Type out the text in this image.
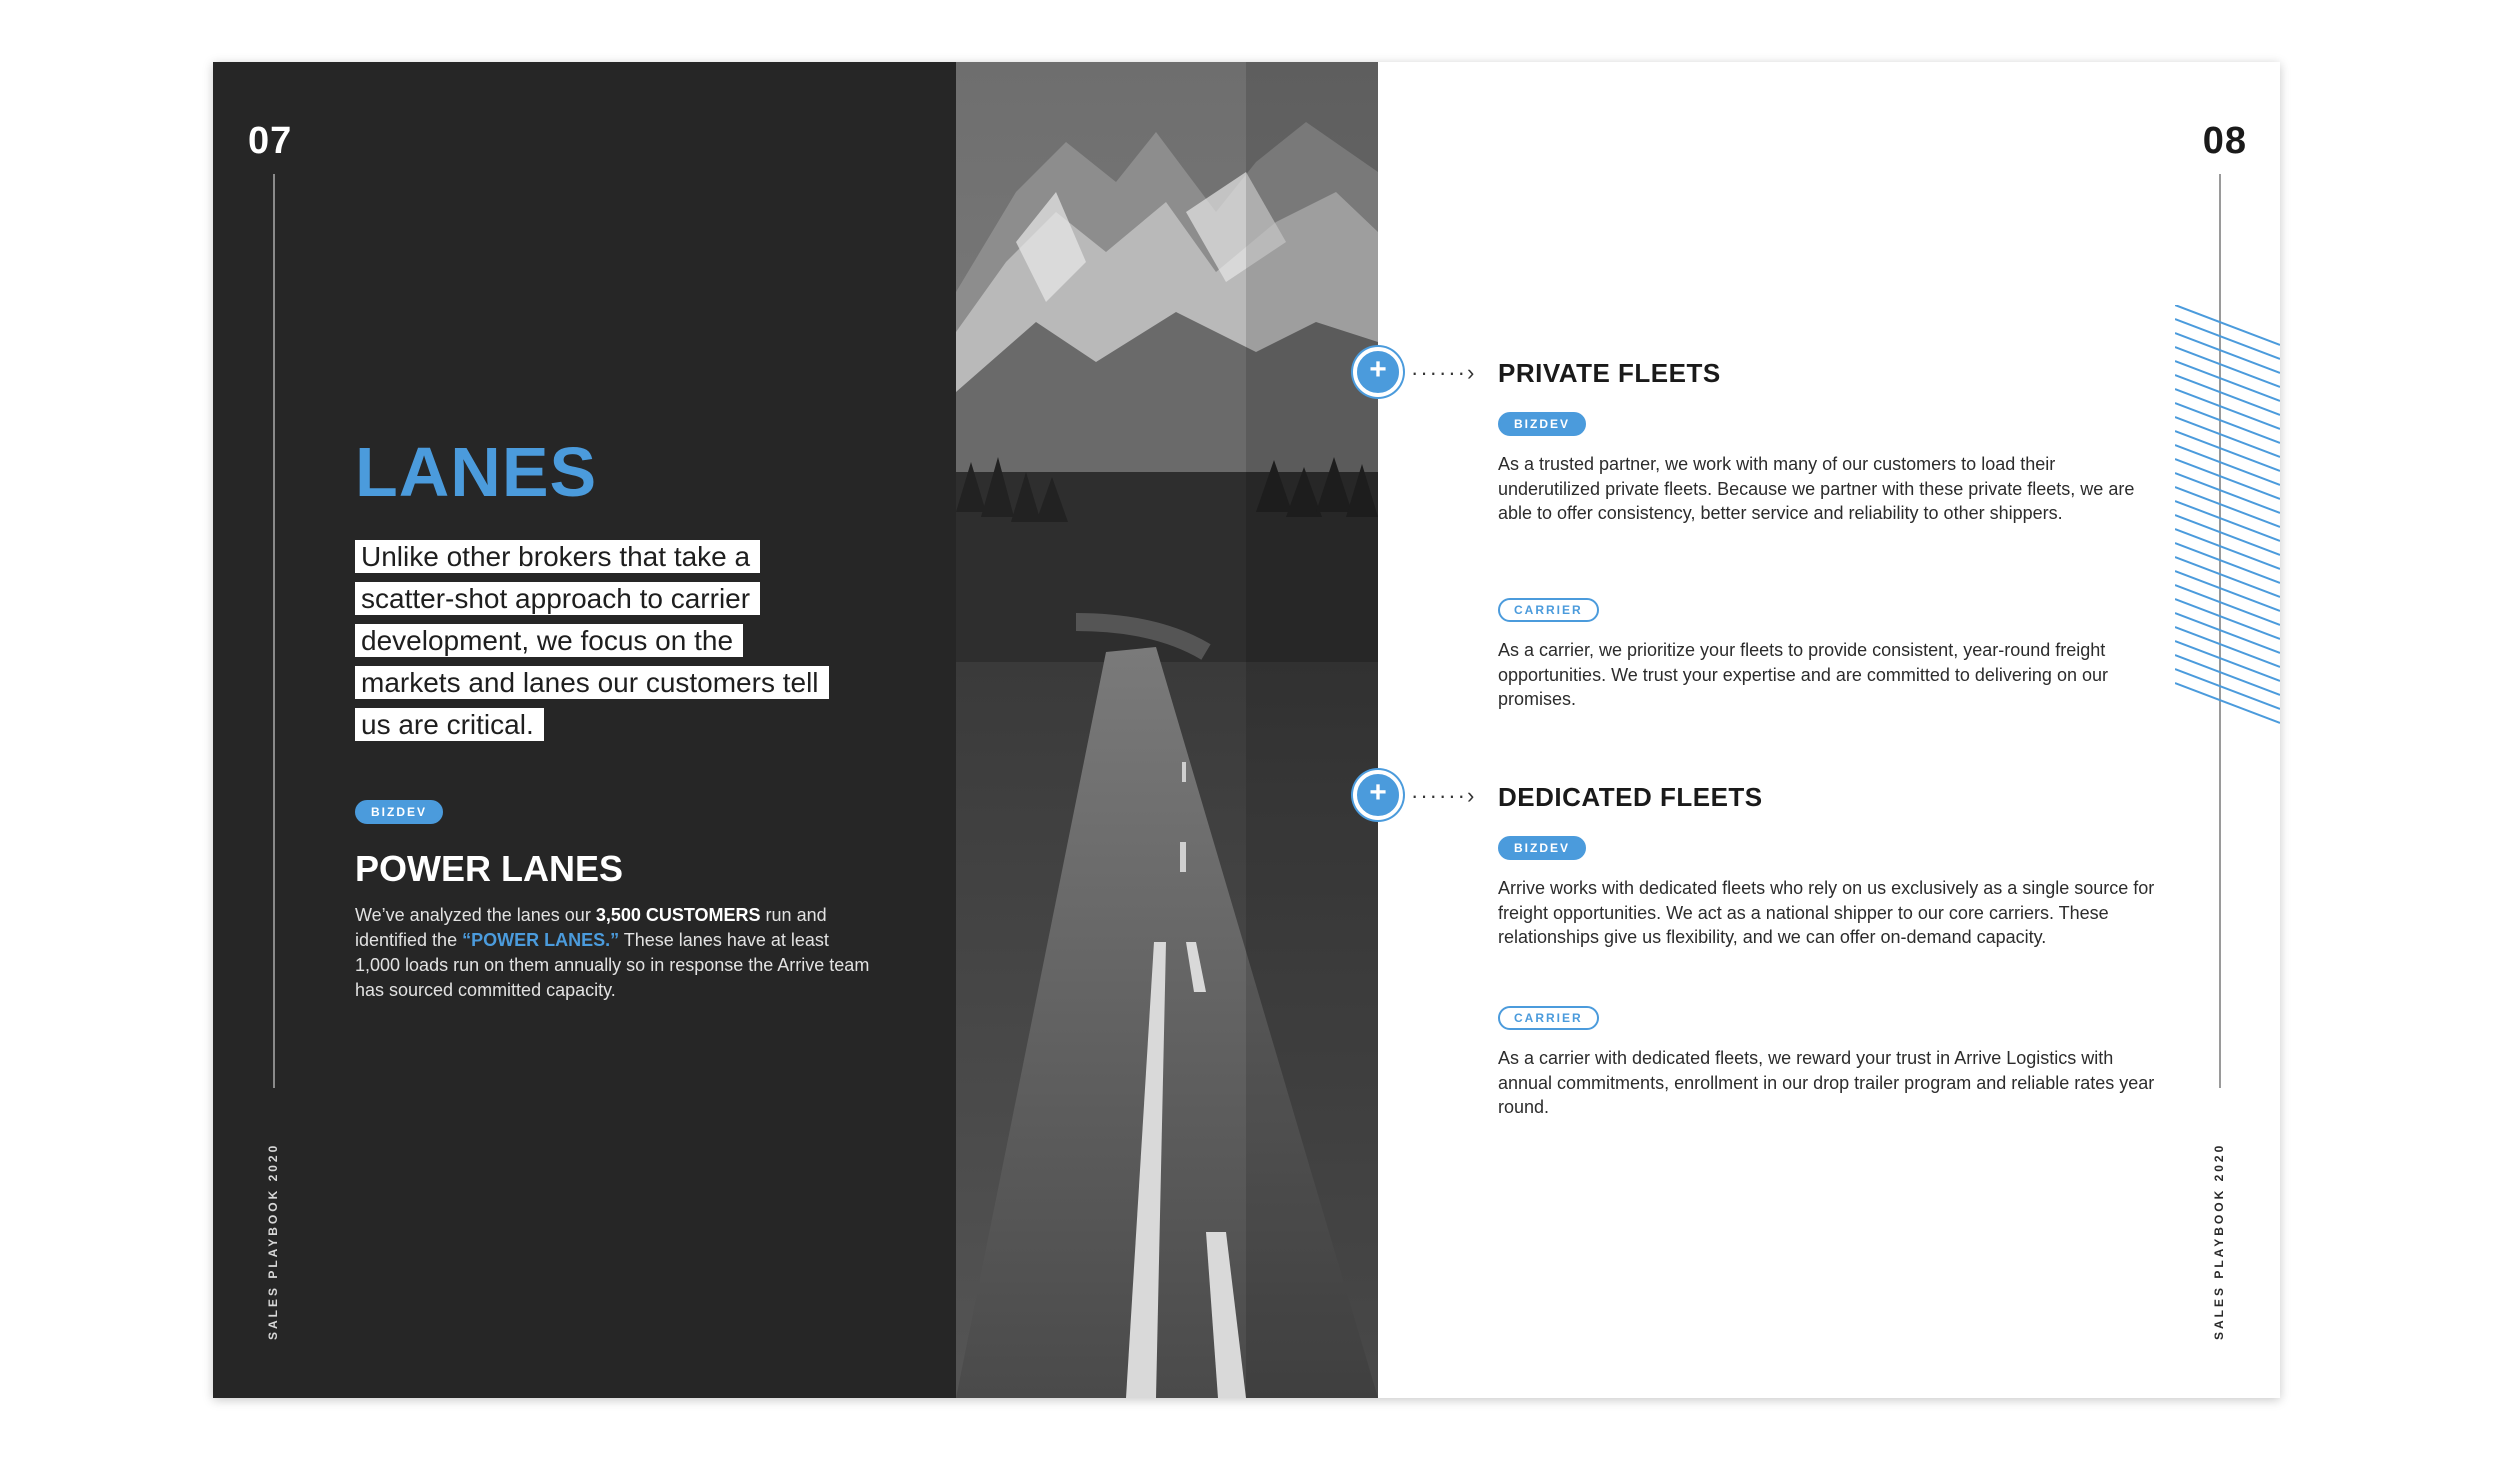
07
SALES PLAYBOOK 2020
LANES
Unlike other brokers that take a
scatter-shot approach to carrier
development, we focus on the
markets and lanes our customers tell
us are critical.
BIZDEV
POWER LANES
We’ve analyzed the lanes our 3,500 CUSTOMERS run and identified the “POWER LANES.” These lanes have at least 1,000 loads run on them annually so in response the Arrive team has sourced committed capacity.
08
SALES PLAYBOOK 2020
+	······› PRIVATE FLEETS
BIZDEV

As a trusted partner, we work with many of our customers to load their underutilized private fleets. Because we partner with these private fleets, we are able to offer consistency, better service and reliability to other shippers.

CARRIER

As a carrier, we prioritize your fleets to provide consistent, year-round freight opportunities. We trust your expertise and are committed to delivering on our promises.

+	······› DEDICATED FLEETS
BIZDEV

Arrive works with dedicated fleets who rely on us exclusively as a single source for freight opportunities. We act as a national shipper to our core carriers. These relationships give us flexibility, and we can offer on-demand capacity.

CARRIER

As a carrier with dedicated fleets, we reward your trust in Arrive Logistics with annual commitments, enrollment in our drop trailer program and reliable rates year round.
